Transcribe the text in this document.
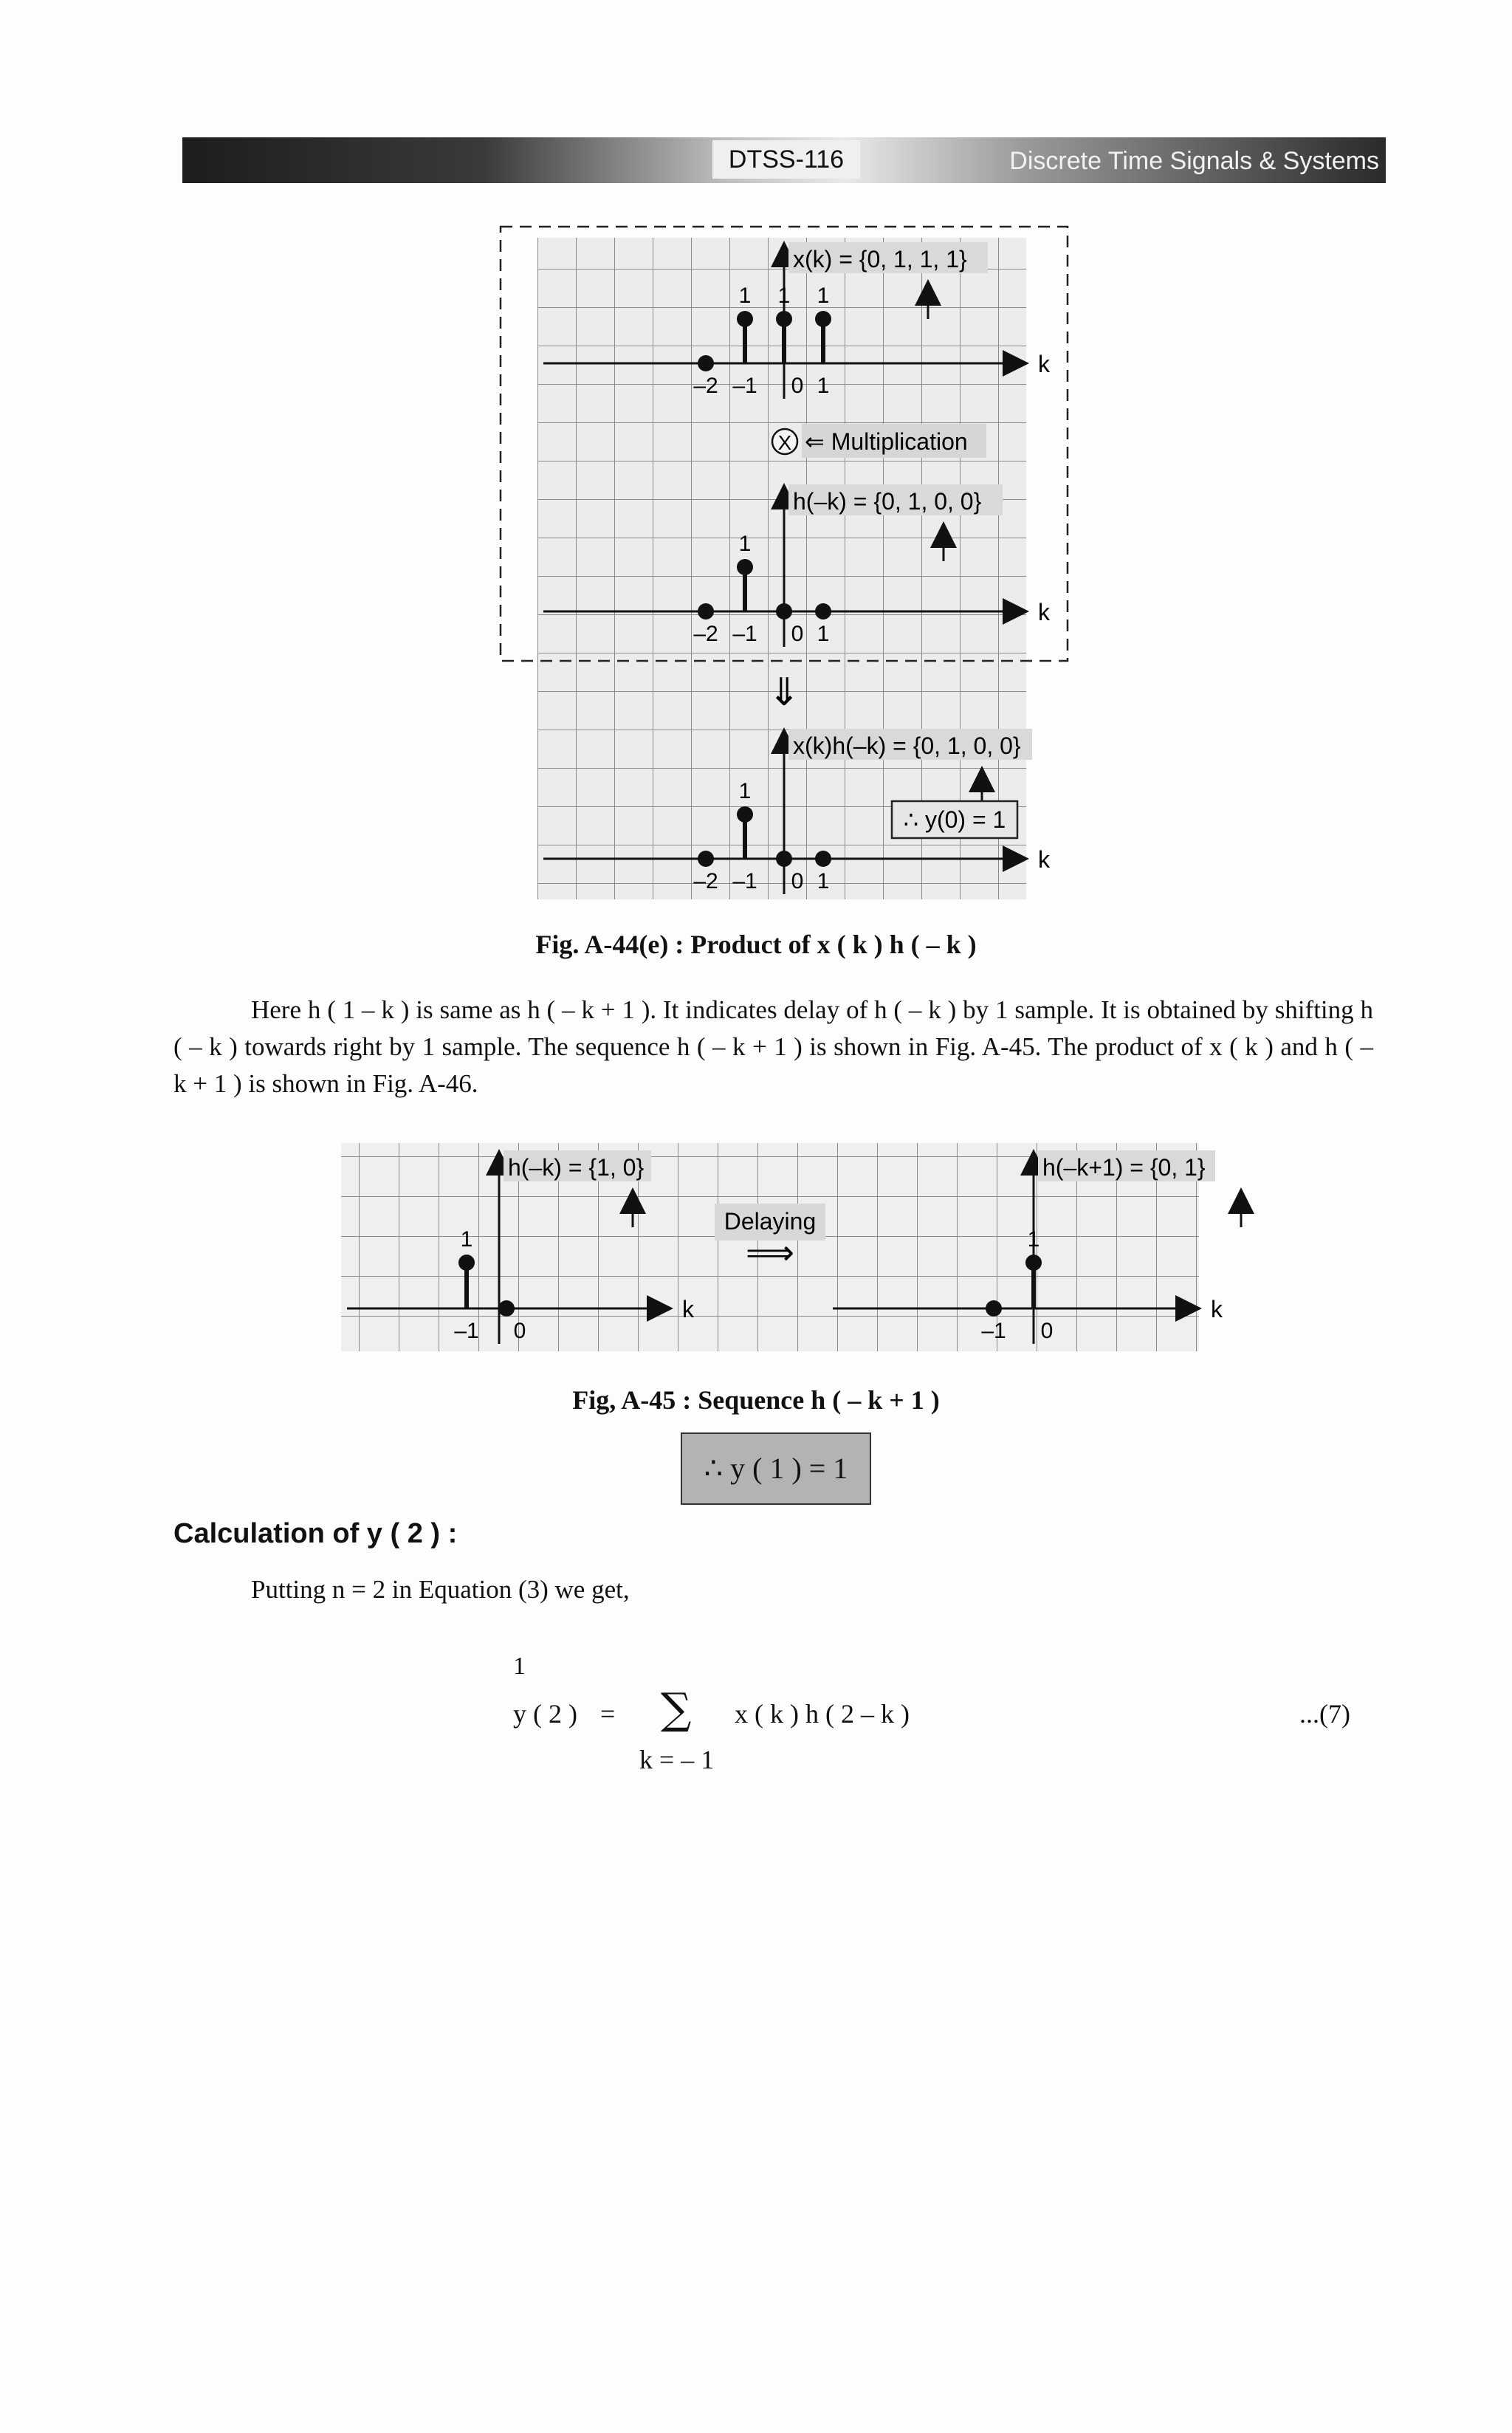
DTSS-116	Discrete Time Signals & Systems
k
x(k) = {0, 1, 1, 1}
1 1 1
–2 –1 0 1
X ⇐ Multiplication
k
h(–k) = {0, 1, 0, 0}
1
–2 –1 0 1
⇓
k
x(k)h(–k) = {0, 1, 0, 0}
1
–2 –1 0 1
∴ y(0) = 1
k
h(–k) = {1, 0}
1
–1 0
Delaying
⟹
k
h(–k+1) = {0, 1}
1
–1 0
Fig. A-44(e) : Product of x ( k ) h ( – k )

Here h ( 1 – k ) is same as h ( – k + 1 ). It indicates delay of h ( – k ) by 1 sample. It is obtained by shifting h ( – k ) towards right by 1 sample. The sequence h ( – k + 1 ) is shown in Fig. A-45. The product of x ( k ) and h ( – k + 1 ) is shown in Fig. A-46.

Fig, A-45 : Sequence h ( – k + 1 )
∴ y ( 1 ) = 1
Calculation of y ( 2 ) :
Putting n = 2 in Equation (3) we get,
1
y ( 2 ) = ∑ x ( k ) h ( 2 – k )
k = – 1
...(7)
